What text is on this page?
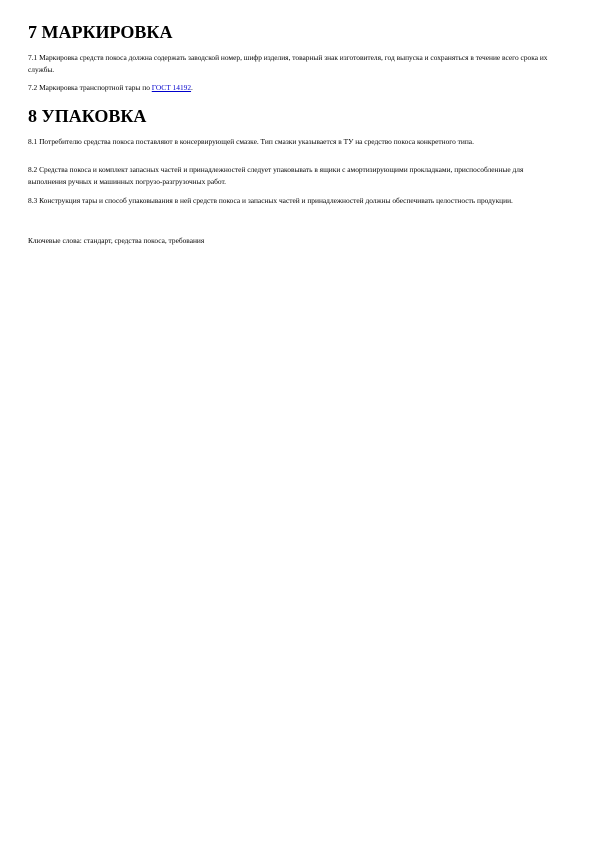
7 МАРКИРОВКА

7.1 Маркировка средств покоса должна содержать заводской номер, шифр изделия, товарный знак изготовителя, год выпуска и сохраняться в течение всего срока их службы.

7.2 Маркировка транспортной тары по ГОСТ 14192.

8 УПАКОВКА

8.1 Потребителю средства покоса поставляют в консервирующей смазке. Тип смазки указывается в ТУ на средство покоса конкретного типа.

8.2 Средства покоса и комплект запасных частей и принадлежностей следует упаковывать в ящики с амортизирующими прокладками, приспособленные для выполнения ручных и машинных погрузо-разгрузочных работ.

8.3 Конструкция тары и способ упаковывания в ней средств покоса и запасных частей и принадлежностей должны обеспечивать целостность продукции.

Ключевые слова: стандарт, средства покоса, требования
